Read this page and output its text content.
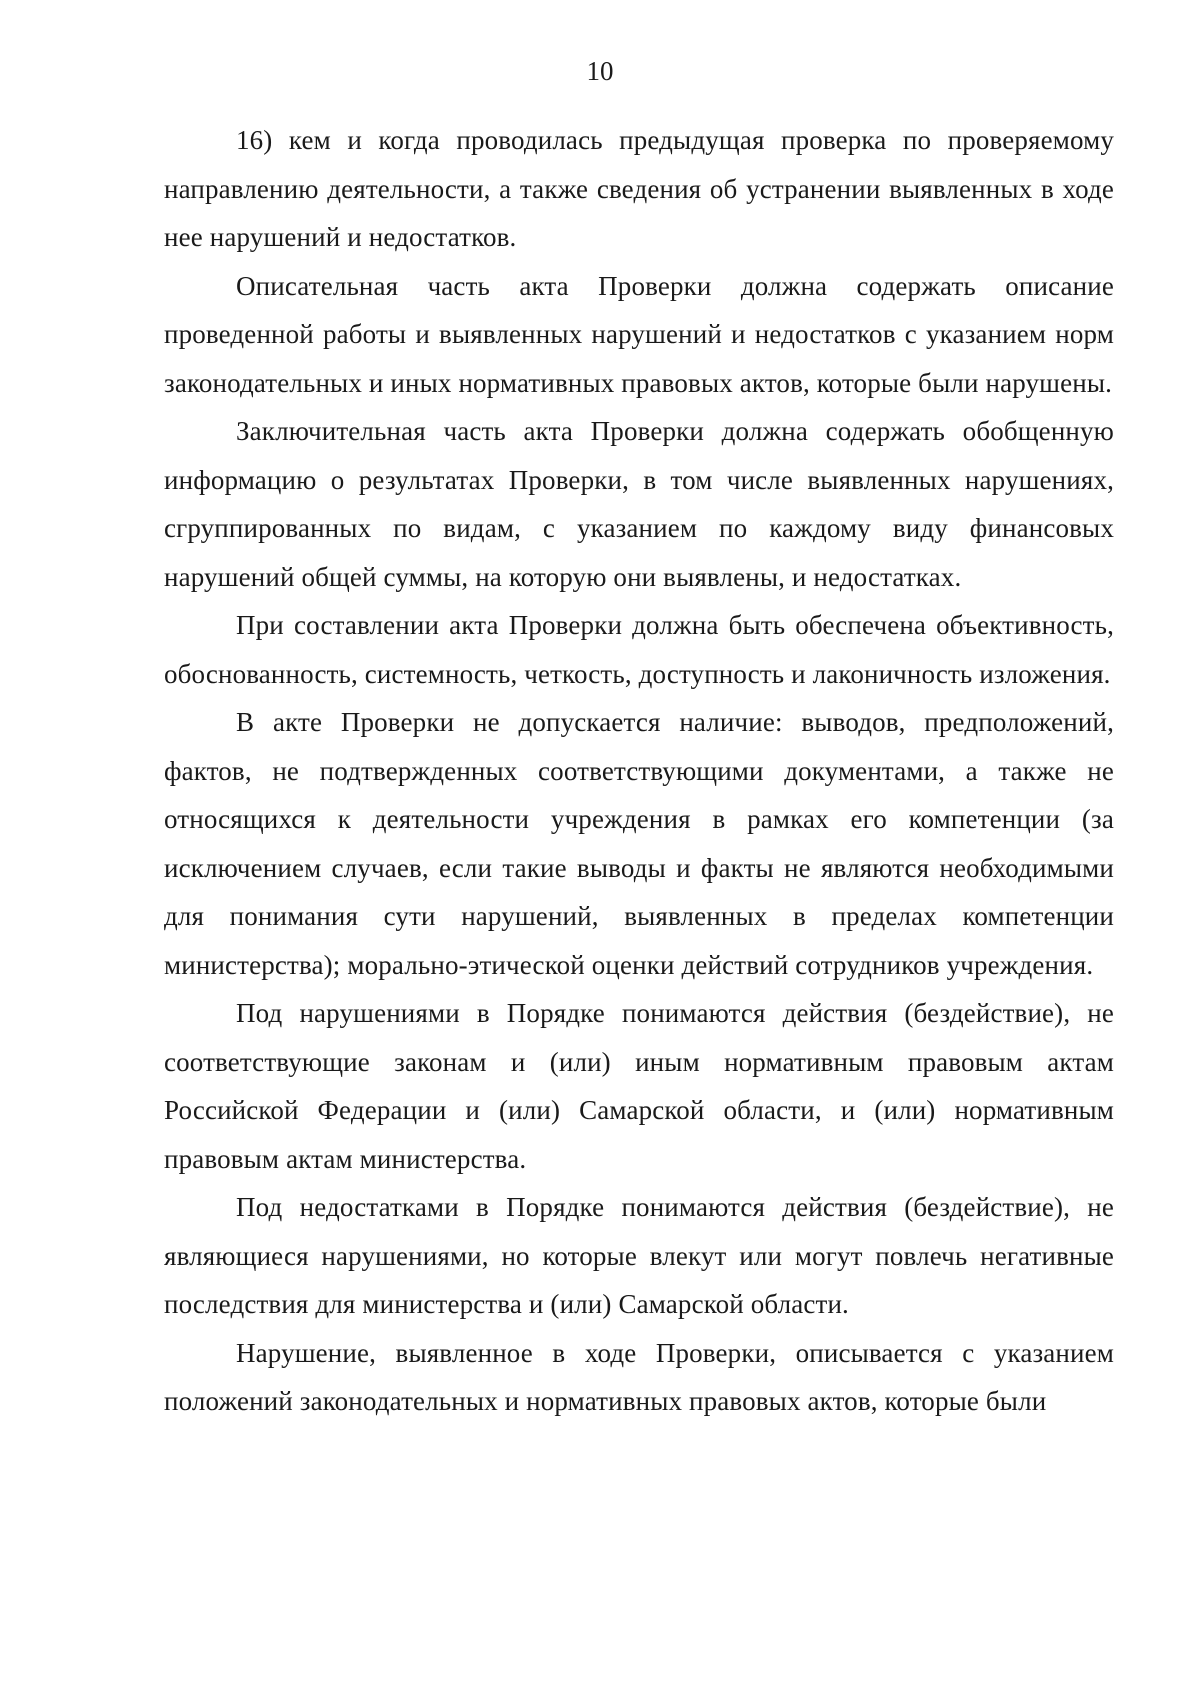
10

16) кем и когда проводилась предыдущая проверка по проверяемому направлению деятельности, а также сведения об устранении выявленных в ходе нее нарушений и недостатков.

Описательная часть акта Проверки должна содержать описание проведенной работы и выявленных нарушений и недостатков с указанием норм законодательных и иных нормативных правовых актов, которые были нарушены.

Заключительная часть акта Проверки должна содержать обобщенную информацию о результатах Проверки, в том числе выявленных нарушениях, сгруппированных по видам, с указанием по каждому виду финансовых нарушений общей суммы, на которую они выявлены, и недостатках.

При составлении акта Проверки должна быть обеспечена объективность, обоснованность, системность, четкость, доступность и лаконичность изложения.

В акте Проверки не допускается наличие: выводов, предположений, фактов, не подтвержденных соответствующими документами, а также не относящихся к деятельности учреждения в рамках его компетенции (за исключением случаев, если такие выводы и факты не являются необходимыми для понимания сути нарушений, выявленных в пределах компетенции министерства); морально-этической оценки действий сотрудников учреждения.

Под нарушениями в Порядке понимаются действия (бездействие), не соответствующие законам и (или) иным нормативным правовым актам Российской Федерации и (или) Самарской области, и (или) нормативным правовым актам министерства.

Под недостатками в Порядке понимаются действия (бездействие), не являющиеся нарушениями, но которые влекут или могут повлечь негативные последствия для министерства и (или) Самарской области.

Нарушение, выявленное в ходе Проверки, описывается с указанием положений законодательных и нормативных правовых актов, которые были
